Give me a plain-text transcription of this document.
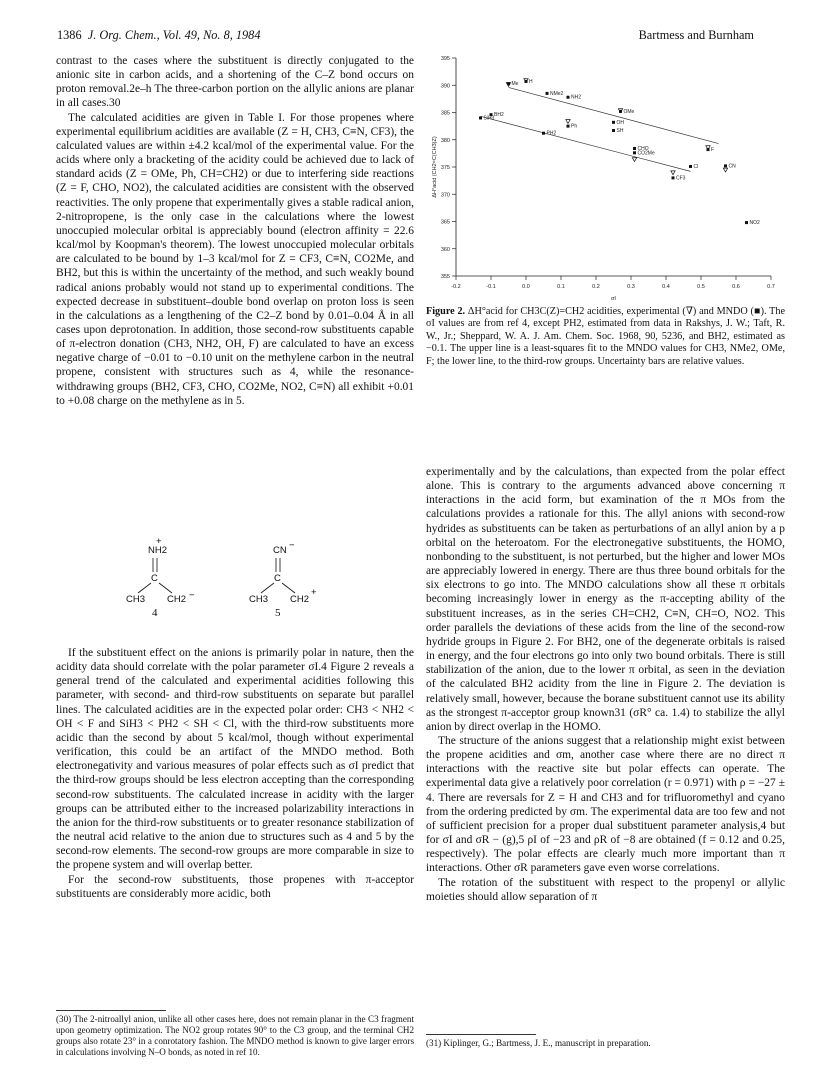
1386 J. Org. Chem., Vol. 49, No. 8, 1984	Bartmess and Burnham

contrast to the cases where the substituent is directly conjugated to the anionic site in carbon acids, and a shortening of the C–Z bond occurs on proton removal.2e–h The three-carbon portion on the allylic anions are planar in all cases.30

The calculated acidities are given in Table I. For those propenes where experimental equilibrium acidities are available (Z = H, CH3, C≡N, CF3), the calculated values are within ±4.2 kcal/mol of the experimental value. For the acids where only a bracketing of the acidity could be achieved due to lack of standard acids (Z = OMe, Ph, CH=CH2) or due to interfering side reactions (Z = F, CHO, NO2), the calculated acidities are consistent with the observed reactivities. The only propene that experimentally gives a stable radical anion, 2-nitropropene, is the only case in the calculations where the lowest unoccupied molecular orbital is appreciably bound (electron affinity = 22.6 kcal/mol by Koopman's theorem). The lowest unoccupied molecular orbitals are calculated to be bound by 1–3 kcal/mol for Z = CF3, C≡N, CO2Me, and BH2, but this is within the uncertainty of the method, and such weakly bound radical anions probably would not stand up to experimental conditions. The expected decrease in substituent–double bond overlap on proton loss is seen in the calculations as a lengthening of the C2–Z bond by 0.01–0.04 Å in all cases upon deprotonation. In addition, those second-row substituents capable of π-electron donation (CH3, NH2, OH, F) are calculated to have an excess negative charge of −0.01 to −0.10 unit on the methylene carbon in the neutral propene, consistent with structures such as 4, while the resonance-withdrawing groups (BH2, CF3, CHO, CO2Me, NO2, C≡N) all exhibit +0.01 to +0.08 charge on the methylene as in 5.

+
NH2
C
CH3 CH2 −
4
CN −
C
CH3 CH2
+
5

If the substituent effect on the anions is primarily polar in nature, then the acidity data should correlate with the polar parameter σI.4 Figure 2 reveals a general trend of the calculated and experimental acidities following this parameter, with second- and third-row substituents on separate but parallel lines. The calculated acidities are in the expected polar order: CH3 < NH2 < OH < F and SiH3 < PH2 < SH < Cl, with the third-row substituents more acidic than the second by about 5 kcal/mol, though without experimental verification, this could be an artifact of the MNDO method. Both electronegativity and various measures of polar effects such as σI predict that the third-row groups should be less electron accepting than the corresponding second-row substituents. The calculated increase in acidity with the larger groups can be attributed either to the increased polarizability interactions in the anion for the third-row substituents or to greater resonance stabilization of the neutral acid relative to the anion due to structures such as 4 and 5 by the second-row elements. The second-row groups are more comparable in size to the propene system and will overlap better.

For the second-row substituents, those propenes with π-acceptor substituents are considerably more acidic, both

(30) The 2-nitroallyl anion, unlike all other cases here, does not remain planar in the C3 fragment upon geometry optimization. The NO2 group rotates 90° to the C3 group, and the terminal CH2 groups also rotate 23° in a conrotatory fashion. The MNDO method is known to give larger errors in calculations involving N–O bonds, as noted in ref 10.
-0.2	-0.1	0.0	0.1	0.2	0.3	0.4	0.5	0.6	0.7
355
360
365
370
375
380
385
390
395
NMe2
OH
NH2
OMe
F
BH2
SiH3
Ph
PH2	SH
CHO
CO2Me
Cl
CF3
CN
NO2
H
Me
σI
ΔH°acid (CH2=C(CH3)Z)
Figure 2. ΔH°acid for CH3C(Z)=CH2 acidities, experimental (∇) and MNDO (■). The σI values are from ref 4, except PH2, estimated from data in Rakshys, J. W.; Taft, R. W., Jr.; Sheppard, W. A. J. Am. Chem. Soc. 1968, 90, 5236, and BH2, estimated as −0.1. The upper line is a least-squares fit to the MNDO values for CH3, NMe2, OMe, F; the lower line, to the third-row groups. Uncertainty bars are relative values.

experimentally and by the calculations, than expected from the polar effect alone. This is contrary to the arguments advanced above concerning π interactions in the acid form, but examination of the π MOs from the calculations provides a rationale for this. The allyl anions with second-row hydrides as substituents can be taken as perturbations of an allyl anion by a p orbital on the heteroatom. For the electronegative substituents, the HOMO, nonbonding to the substituent, is not perturbed, but the higher and lower MOs are appreciably lowered in energy. There are thus three bound orbitals for the six electrons to go into. The MNDO calculations show all these π orbitals becoming increasingly lower in energy as the π-accepting ability of the substituent increases, as in the series CH=CH2, C≡N, CH=O, NO2. This order parallels the deviations of these acids from the line of the second-row hydride groups in Figure 2. For BH2, one of the degenerate orbitals is raised in energy, and the four electrons go into only two bound orbitals. There is still stabilization of the anion, due to the lower π orbital, as seen in the deviation of the calculated BH2 acidity from the line in Figure 2. The deviation is relatively small, however, because the borane substituent cannot use its ability as the strongest π-acceptor group known31 (σR° ca. 1.4) to stabilize the allyl anion by direct overlap in the HOMO.

The structure of the anions suggest that a relationship might exist between the propene acidities and σm, another case where there are no direct π interactions with the reactive site but polar effects can operate. The experimental data give a relatively poor correlation (r = 0.971) with ρ = −27 ± 4. There are reversals for Z = H and CH3 and for trifluoromethyl and cyano from the ordering predicted by σm. The experimental data are too few and not of sufficient precision for a proper dual substituent parameter analysis,4 but for σI and σR − (g),5 ρI of −23 and ρR of −8 are obtained (f = 0.12 and 0.25, respectively). The polar effects are clearly much more important than π interactions. Other σR parameters gave even worse correlations.

The rotation of the substituent with respect to the propenyl or allylic moieties should allow separation of π

(31) Kiplinger, G.; Bartmess, J. E., manuscript in preparation.
